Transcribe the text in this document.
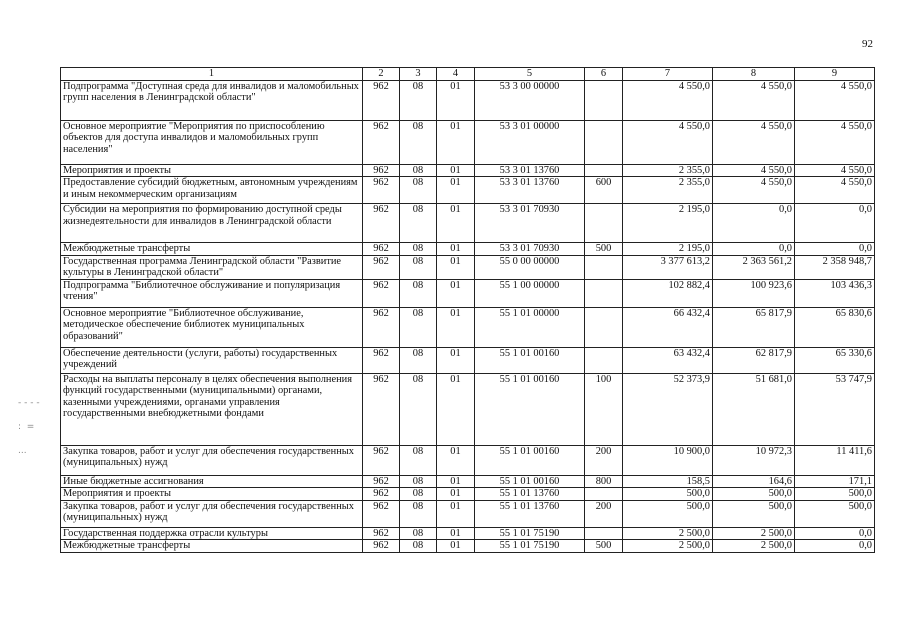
92
1	2	3	4	5	6	7	8	9
Подпрограмма "Доступная среда для инвалидов и маломобильных групп населения в Ленинградской области"	962	08	01	53 3 00 00000		4 550,0	4 550,0	4 550,0
Основное мероприятие "Мероприятия по приспособлению объектов для доступа инвалидов и маломобильных групп населения"	962	08	01	53 3 01 00000		4 550,0	4 550,0	4 550,0
Мероприятия и проекты	962	08	01	53 3 01 13760		2 355,0	4 550,0	4 550,0
Предоставление субсидий бюджетным, автономным учреждениям и иным некоммерческим организациям	962	08	01	53 3 01 13760	600	2 355,0	4 550,0	4 550,0
Субсидии на мероприятия по формированию доступной среды жизнедеятельности для инвалидов в Ленинградской области	962	08	01	53 3 01 70930		2 195,0	0,0	0,0
Межбюджетные трансферты	962	08	01	53 3 01 70930	500	2 195,0	0,0	0,0
Государственная программа Ленинградской области "Развитие культуры в Ленинградской области"	962	08	01	55 0 00 00000		3 377 613,2	2 363 561,2	2 358 948,7
Подпрограмма "Библиотечное обслуживание и популяризация чтения"	962	08	01	55 1 00 00000		102 882,4	100 923,6	103 436,3
Основное мероприятие "Библиотечное обслуживание, методическое обеспечение библиотек муниципальных образований"	962	08	01	55 1 01 00000		66 432,4	65 817,9	65 830,6
Обеспечение деятельности (услуги, работы) государственных учреждений	962	08	01	55 1 01 00160		63 432,4	62 817,9	65 330,6
Расходы на выплаты персоналу в целях обеспечения выполнения функций государственными (муниципальными) органами, казенными учреждениями, органами управления государственными внебюджетными фондами	962	08	01	55 1 01 00160	100	52 373,9	51 681,0	53 747,9
Закупка товаров, работ и услуг для обеспечения государственных (муниципальных) нужд	962	08	01	55 1 01 00160	200	10 900,0	10 972,3	11 411,6
Иные бюджетные ассигнования	962	08	01	55 1 01 00160	800	158,5	164,6	171,1
Мероприятия и проекты	962	08	01	55 1 01 13760		500,0	500,0	500,0
Закупка товаров, работ и услуг для обеспечения государственных (муниципальных) нужд	962	08	01	55 1 01 13760	200	500,0	500,0	500,0
Государственная поддержка отрасли культуры	962	08	01	55 1 01 75190		2 500,0	2 500,0	0,0
Межбюджетные трансферты	962	08	01	55 1 01 75190	500	2 500,0	2 500,0	0,0
- - - -

:  =

...
